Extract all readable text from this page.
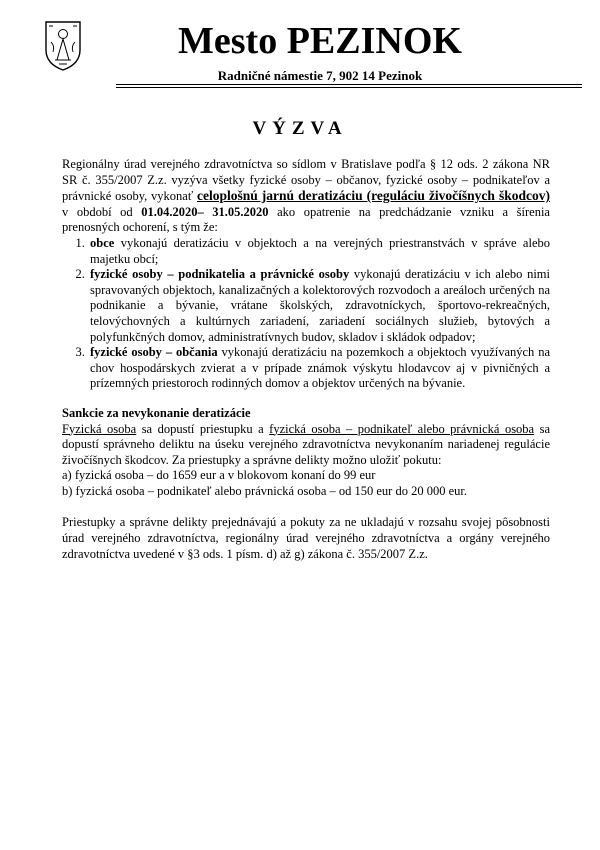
Mesto PEZINOK
Radničné námestie 7, 902 14 Pezinok
VÝZVA

Regionálny úrad verejného zdravotníctva so sídlom v Bratislave podľa § 12 ods. 2 zákona NR SR č. 355/2007 Z.z. vyzýva všetky fyzické osoby – občanov, fyzické osoby – podnikateľov a právnické osoby, vykonať celoplošnú jarnú deratizáciu (reguláciu živočíšnych škodcov) v období od 01.04.2020– 31.05.2020 ako opatrenie na predchádzanie vzniku a šírenia prenosných ochorení, s tým že:

1. obce vykonajú deratizáciu v objektoch a na verejných priestranstvách v správe alebo majetku obcí;
2. fyzické osoby – podnikatelia a právnické osoby vykonajú deratizáciu v ich alebo nimi spravovaných objektoch, kanalizačných a kolektorových rozvodoch a areáloch určených na podnikanie a bývanie, vrátane školských, zdravotníckych, športovo-rekreačných, telovýchovných a kultúrnych zariadení, zariadení sociálnych služieb, bytových a polyfunkčných domov, administratívnych budov, skladov i skládok odpadov;
3. fyzické osoby – občania vykonajú deratizáciu na pozemkoch a objektoch využívaných na chov hospodárskych zvierat a v prípade známok výskytu hlodavcov aj v pivničných a prízemných priestoroch rodinných domov a objektov určených na bývanie.

Sankcie za nevykonanie deratizácie

Fyzická osoba sa dopustí priestupku a fyzická osoba – podnikateľ alebo právnická osoba sa dopustí správneho deliktu na úseku verejného zdravotníctva nevykonaním nariadenej regulácie živočíšnych škodcov. Za priestupky a správne delikty možno uložiť pokutu:

a) fyzická osoba – do 1659 eur a v blokovom konaní do 99 eur

b) fyzická osoba – podnikateľ alebo právnická osoba – od 150 eur do 20 000 eur.

Priestupky a správne delikty prejednávajú a pokuty za ne ukladajú v rozsahu svojej pôsobnosti úrad verejného zdravotníctva, regionálny úrad verejného zdravotníctva a orgány verejného zdravotníctva uvedené v §3 ods. 1 písm. d) až g) zákona č. 355/2007 Z.z.
